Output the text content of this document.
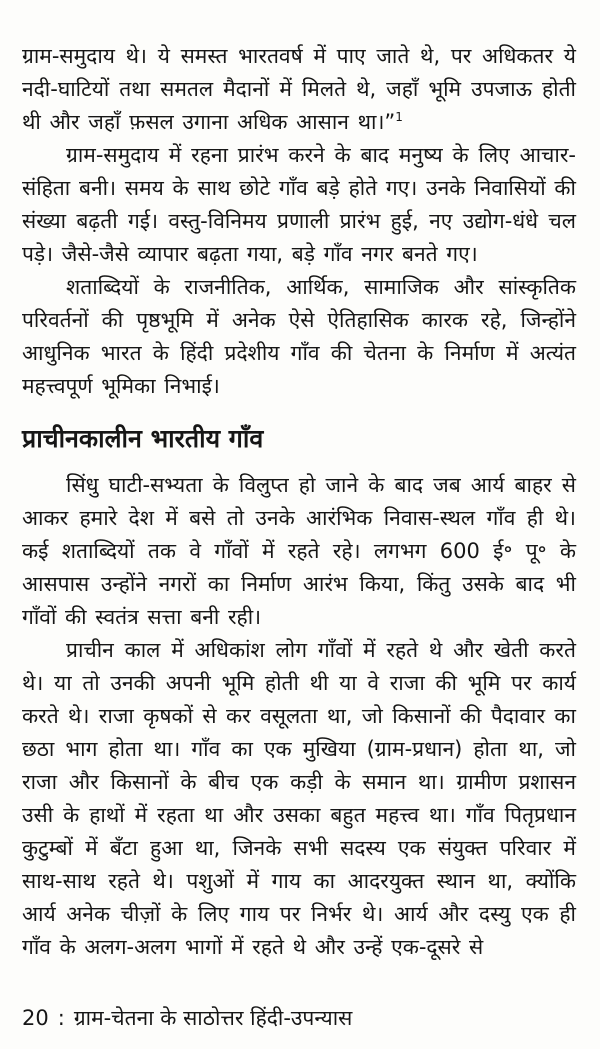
ग्राम-समुदाय थे। ये समस्त भारतवर्ष में पाए जाते थे, पर अधिकतर ये नदी-घाटियों तथा समतल मैदानों में मिलते थे, जहाँ भूमि उपजाऊ होती थी और जहाँ फ़सल उगाना अधिक आसान था।”$^1$

ग्राम-समुदाय में रहना प्रारंभ करने के बाद मनुष्य के लिए आचार-संहिता बनी। समय के साथ छोटे गाँव बड़े होते गए। उनके निवासियों की संख्या बढ़ती गई। वस्तु-विनिमय प्रणाली प्रारंभ हुई, नए उद्योग-धंधे चल पड़े। जैसे-जैसे व्यापार बढ़ता गया, बड़े गाँव नगर बनते गए।

शताब्दियों के राजनीतिक, आर्थिक, सामाजिक और सांस्कृतिक परिवर्तनों की पृष्ठभूमि में अनेक ऐसे ऐतिहासिक कारक रहे, जिन्होंने आधुनिक भारत के हिंदी प्रदेशीय गाँव की चेतना के निर्माण में अत्यंत महत्त्वपूर्ण भूमिका निभाई।

प्राचीनकालीन भारतीय गाँव

सिंधु घाटी-सभ्यता के विलुप्त हो जाने के बाद जब आर्य बाहर से आकर हमारे देश में बसे तो उनके आरंभिक निवास-स्थल गाँव ही थे। कई शताब्दियों तक वे गाँवों में रहते रहे। लगभग 600 ई॰ पू॰ के आसपास उन्होंने नगरों का निर्माण आरंभ किया, किंतु उसके बाद भी गाँवों की स्वतंत्र सत्ता बनी रही।

प्राचीन काल में अधिकांश लोग गाँवों में रहते थे और खेती करते थे। या तो उनकी अपनी भूमि होती थी या वे राजा की भूमि पर कार्य करते थे। राजा कृषकों से कर वसूलता था, जो किसानों की पैदावार का छठा भाग होता था। गाँव का एक मुखिया (ग्राम-प्रधान) होता था, जो राजा और किसानों के बीच एक कड़ी के समान था। ग्रामीण प्रशासन उसी के हाथों में रहता था और उसका बहुत महत्त्व था। गाँव पितृप्रधान कुटुम्बों में बँटा हुआ था, जिनके सभी सदस्य एक संयुक्त परिवार में साथ-साथ रहते थे। पशुओं में गाय का आदरयुक्त स्थान था, क्योंकि आर्य अनेक चीज़ों के लिए गाय पर निर्भर थे। आर्य और दस्यु एक ही गाँव के अलग-अलग भागों में रहते थे और उन्हें एक-दूसरे से

20 : ग्राम-चेतना के साठोत्तर हिंदी-उपन्यास
